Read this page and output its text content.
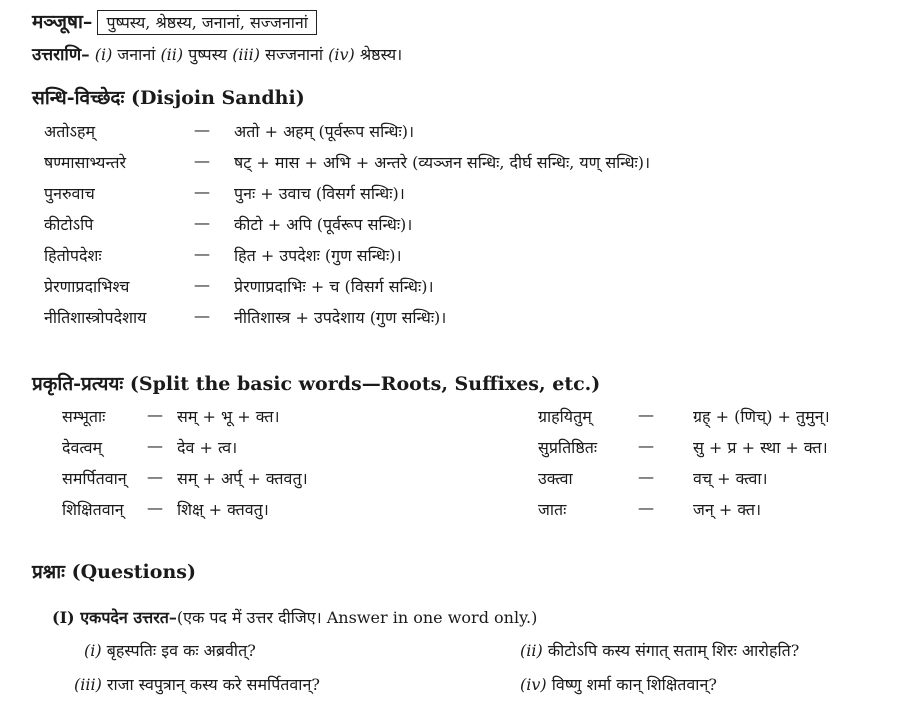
मञ्जूषा– पुष्पस्य, श्रेष्ठस्य, जनानां, सज्जनानां
उत्तराणि– (i) जनानां (ii) पुष्पस्य (iii) सज्जनानां (iv) श्रेष्ठस्य।
सन्धि-विच्छेदः (Disjoin Sandhi)
अतोऽहम्	— अतो + अहम् (पूर्वरूप सन्धिः)।
षण्मासाभ्यन्तरे	— षट् + मास + अभि + अन्तरे (व्यञ्जन सन्धिः, दीर्घ सन्धिः, यण् सन्धिः)।
पुनरुवाच	— पुनः + उवाच (विसर्ग सन्धिः)।
कीटोऽपि	— कीटो + अपि (पूर्वरूप सन्धिः)।
हितोपदेशः	— हित + उपदेशः (गुण सन्धिः)।
प्रेरणाप्रदाभिश्च	— प्रेरणाप्रदाभिः + च (विसर्ग सन्धिः)।
नीतिशास्त्रोपदेशाय	— नीतिशास्त्र + उपदेशाय (गुण सन्धिः)।
प्रकृति-प्रत्ययः (Split the basic words—Roots, Suffixes, etc.)
सम्भूताः	— सम् + भू + क्त।
देवत्वम्	— देव + त्व।
समर्पितवान् — सम् + अर्प् + क्तवतु।
शिक्षितवान् — शिक्ष् + क्तवतु।
ग्राहयितुम्	— ग्रह् + (णिच्) + तुमुन्।
सुप्रतिष्ठितः	— सु + प्र + स्था + क्त।
उक्त्वा	— वच् + क्त्वा।
जातः	— जन् + क्त।
प्रश्नाः (Questions)
(I) एकपदेन उत्तरत–(एक पद में उत्तर दीजिए। Answer in one word only.)
(i) बृहस्पतिः इव कः अब्रवीत्?	(ii) कीटोऽपि कस्य संगात् सताम् शिरः आरोहति?
(iii) राजा स्वपुत्रान् कस्य करे समर्पितवान्?	(iv) विष्णु शर्मा कान् शिक्षितवान्?
